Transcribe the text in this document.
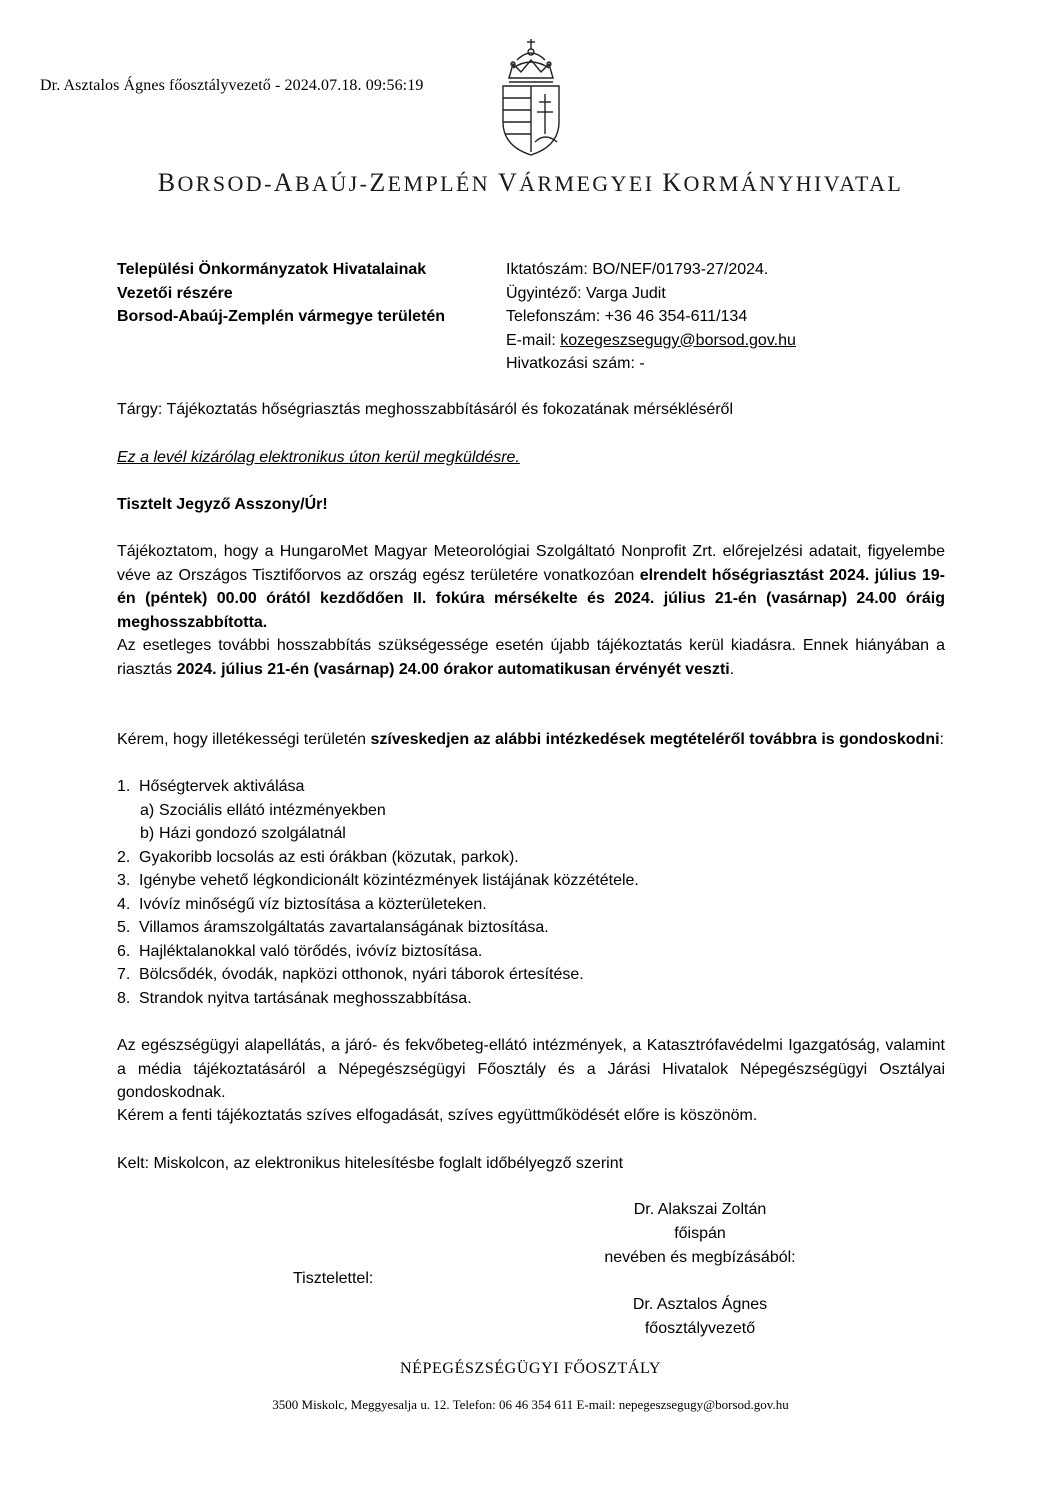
Dr. Asztalos Ágnes főosztályvezető - 2024.07.18. 09:56:19
BORSOD-ABAÚJ-ZEMPLÉN VÁRMEGYEI KORMÁNYHIVATAL
Települési Önkormányzatok Hivatalainak
Vezetői részére
Borsod-Abaúj-Zemplén vármegye területén
Iktatószám: BO/NEF/01793-27/2024.
Ügyintéző: Varga Judit
Telefonszám: +36 46 354-611/134
E-mail: kozegeszsegugy@borsod.gov.hu
Hivatkozási szám: -
Tárgy: Tájékoztatás hőségriasztás meghosszabbításáról és fokozatának mérsékléséről
Ez a levél kizárólag elektronikus úton kerül megküldésre.
Tisztelt Jegyző Asszony/Úr!
Tájékoztatom, hogy a HungaroMet Magyar Meteorológiai Szolgáltató Nonprofit Zrt. előrejelzési adatait, figyelembe véve az Országos Tisztifőorvos az ország egész területére vonatkozóan elrendelt hőségriasztást 2024. július 19-én (péntek) 00.00 órától kezdődően II. fokúra mérsékelte és 2024. július 21-én (vasárnap) 24.00 óráig meghosszabbította.
Az esetleges további hosszabbítás szükségessége esetén újabb tájékoztatás kerül kiadásra. Ennek hiányában a riasztás 2024. július 21-én (vasárnap) 24.00 órakor automatikusan érvényét veszti.
Kérem, hogy illetékességi területén szíveskedjen az alábbi intézkedések megtételéről továbbra is gondoskodni:
1. Hőségtervek aktiválása
a) Szociális ellátó intézményekben
b) Házi gondozó szolgálatnál
2. Gyakoribb locsolás az esti órákban (közutak, parkok).
3. Igénybe vehető légkondicionált közintézmények listájának közzététele.
4. Ivóvíz minőségű víz biztosítása a közterületeken.
5. Villamos áramszolgáltatás zavartalanságának biztosítása.
6. Hajléktalanokkal való törődés, ivóvíz biztosítása.
7. Bölcsődék, óvodák, napközi otthonok, nyári táborok értesítése.
8. Strandok nyitva tartásának meghosszabbítása.
Az egészségügyi alapellátás, a járó- és fekvőbeteg-ellátó intézmények, a Katasztrófavédelmi Igazgatóság, valamint a média tájékoztatásáról a Népegészségügyi Főosztály és a Járási Hivatalok Népegészségügyi Osztályai gondoskodnak.
Kérem a fenti tájékoztatás szíves elfogadását, szíves együttműködését előre is köszönöm.
Kelt: Miskolcon, az elektronikus hitelesítésbe foglalt időbélyegző szerint
Dr. Alakszai Zoltán
főispán
nevében és megbízásából:
Tisztelettel:
Dr. Asztalos Ágnes
főosztályvezető
NÉPEGÉSZSÉGÜGYI FŐOSZTÁLY
3500 Miskolc, Meggyesalja u. 12. Telefon: 06 46 354 611 E-mail: nepegeszsegugy@borsod.gov.hu
